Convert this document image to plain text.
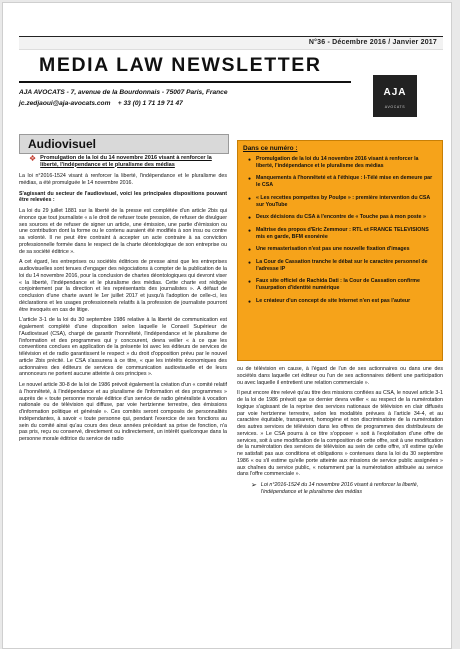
N°36 - Décembre 2016 / Janvier 2017
MEDIA LAW NEWSLETTER
AJA
AVOCATS
AJA AVOCATS - 7, avenue de la Bourdonnais - 75007 Paris, France
jc.zedjaoui@aja-avocats.com    + 33 (0) 1 71 19 71 47
Audiovisuel
❖ Promulgation de la loi du 14 novembre 2016 visant à renforcer la liberté, l'indépendance et le pluralisme des médias

La loi n°2016-1524 visant à renforcer la liberté, l'indépendance et le pluralisme des médias, a été promulguée le 14 novembre 2016.

S'agissant du secteur de l'audiovisuel, voici les principales dispositions pouvant être relevées :

La loi du 29 juillet 1881 sur la liberté de la presse est complétée d'un article 2bis qui énonce que tout journaliste « a le droit de refuser toute pression, de refuser de divulguer ses sources et de refuser de signer un article, une émission, une partie d'émission ou une contribution dont la forme ou le contenu auraient été modifiés à son insu ou contre sa volonté. Il ne peut être contraint à accepter un acte contraire à sa conviction professionnelle formée dans le respect de la charte déontologique de son entreprise ou de sa société éditrice ».

A cet égard, les entreprises ou sociétés éditrices de presse ainsi que les entreprises audiovisuelles sont tenues d'engager des négociations à compter de la publication de la loi du 14 novembre 2016, pour la conclusion de chartes déontologiques qui devront viser « la liberté, l'indépendance et le pluralisme des médias. Cette charte est rédigée conjointement par la direction et les représentants des journalistes ». A défaut de conclusion d'une charte avant le 1er juillet 2017 et jusqu'à l'adoption de celle-ci, les déclarations et les usages professionnels relatifs à la profession de journaliste pourront être invoqués en cas de litige.

L'article 3-1 de la loi du 30 septembre 1986 relative à la liberté de communication est également complété d'une disposition selon laquelle le Conseil Supérieur de l'Audiovisuel (CSA), chargé de garantir l'honnêteté, l'indépendance et le pluralisme de l'information et des programmes qui y concourent, devra veiller « à ce que les conventions conclues en application de la présente loi avec les éditeurs de services de télévision et de radio garantissent le respect » du droit d'opposition prévu par le nouvel article 2bis précité. Le CSA s'assurera à ce titre, « que les intérêts économiques des actionnaires des éditeurs de services de communication audiovisuelle et de leurs annonceurs ne portent aucune atteinte à ces principes ».

Le nouvel article 30-8 de la loi de 1986 prévoit également la création d'un « comité relatif à l'honnêteté, à l'indépendance et au pluralisme de l'information et des programmes » auprès de « toute personne morale éditrice d'un service de radio généraliste à vocation nationale ou de télévision qui diffuse, par voie hertzienne terrestre, des émissions d'information politique et générale ». Ces comités seront composés de personnalités indépendantes, à savoir « toute personne qui, pendant l'exercice de ses fonctions au sein du comité ainsi qu'au cours des deux années précédant sa prise de fonction, n'a pas pris, reçu ou conservé, directement ou indirectement, un intérêt quelconque dans la personne morale éditrice du service de radio

Dans ce numéro :
● Promulgation de la loi du 14 novembre 2016 visant à renforcer la liberté, l'indépendance et le pluralisme des médias
● Manquements à l'honnêteté et à l'éthique : I-Télé mise en demeure par le CSA
● « Les recettes pompettes by Poulpe » : première intervention du CSA sur YouTube
● Deux décisions du CSA à l'encontre de « Touche pas à mon poste »
● Maîtrise des propos d'Eric Zemmour : RTL et FRANCE TELEVISIONS mis en garde, BFM exonérée
● Une remasterisation n'est pas une nouvelle fixation d'images
● La Cour de Cassation tranche le débat sur le caractère personnel de l'adresse IP
● Faux site officiel de Rachida Dati : la Cour de Cassation confirme l'usurpation d'identité numérique
● Le créateur d'un concept de site Internet n'en est pas l'auteur

ou de télévision en cause, à l'égard de l'un de ses actionnaires ou dans une des sociétés dans laquelle cet éditeur ou l'un de ses actionnaires détient une participation ou avec laquelle il entretient une relation commerciale ».

Il peut encore être relevé qu'au titre des missions confiées au CSA, le nouvel article 3-1 de la loi de 1986 prévoit que ce dernier devra veiller « au respect de la numérotation logique s'agissant de la reprise des services nationaux de télévision en clair diffusés par voie hertzienne terrestre, selon les modalités prévues à l'article 34-4, et au caractère équitable, transparent, homogène et non discriminatoire de la numérotation des autres services de télévision dans les offres de programmes des distributeurs de services. » Le CSA pourra à ce titre s'opposer « soit à l'exploitation d'une offre de services, soit à une modification de la composition de cette offre, soit à une modification de la numérotation des services de télévision au sein de cette offre, s'il estime qu'elle ne satisfait pas aux conditions et obligations » contenues dans la loi du 30 septembre 1986 « ou s'il estime qu'elle porte atteinte aux missions de service public assignées » aux chaînes du service public, « notamment par la numérotation attribuée au service dans l'offre commerciale ».

➢ Loi n°2016-1524 du 14 novembre 2016 visant à renforcer la liberté, l'indépendance et le pluralisme des médias
